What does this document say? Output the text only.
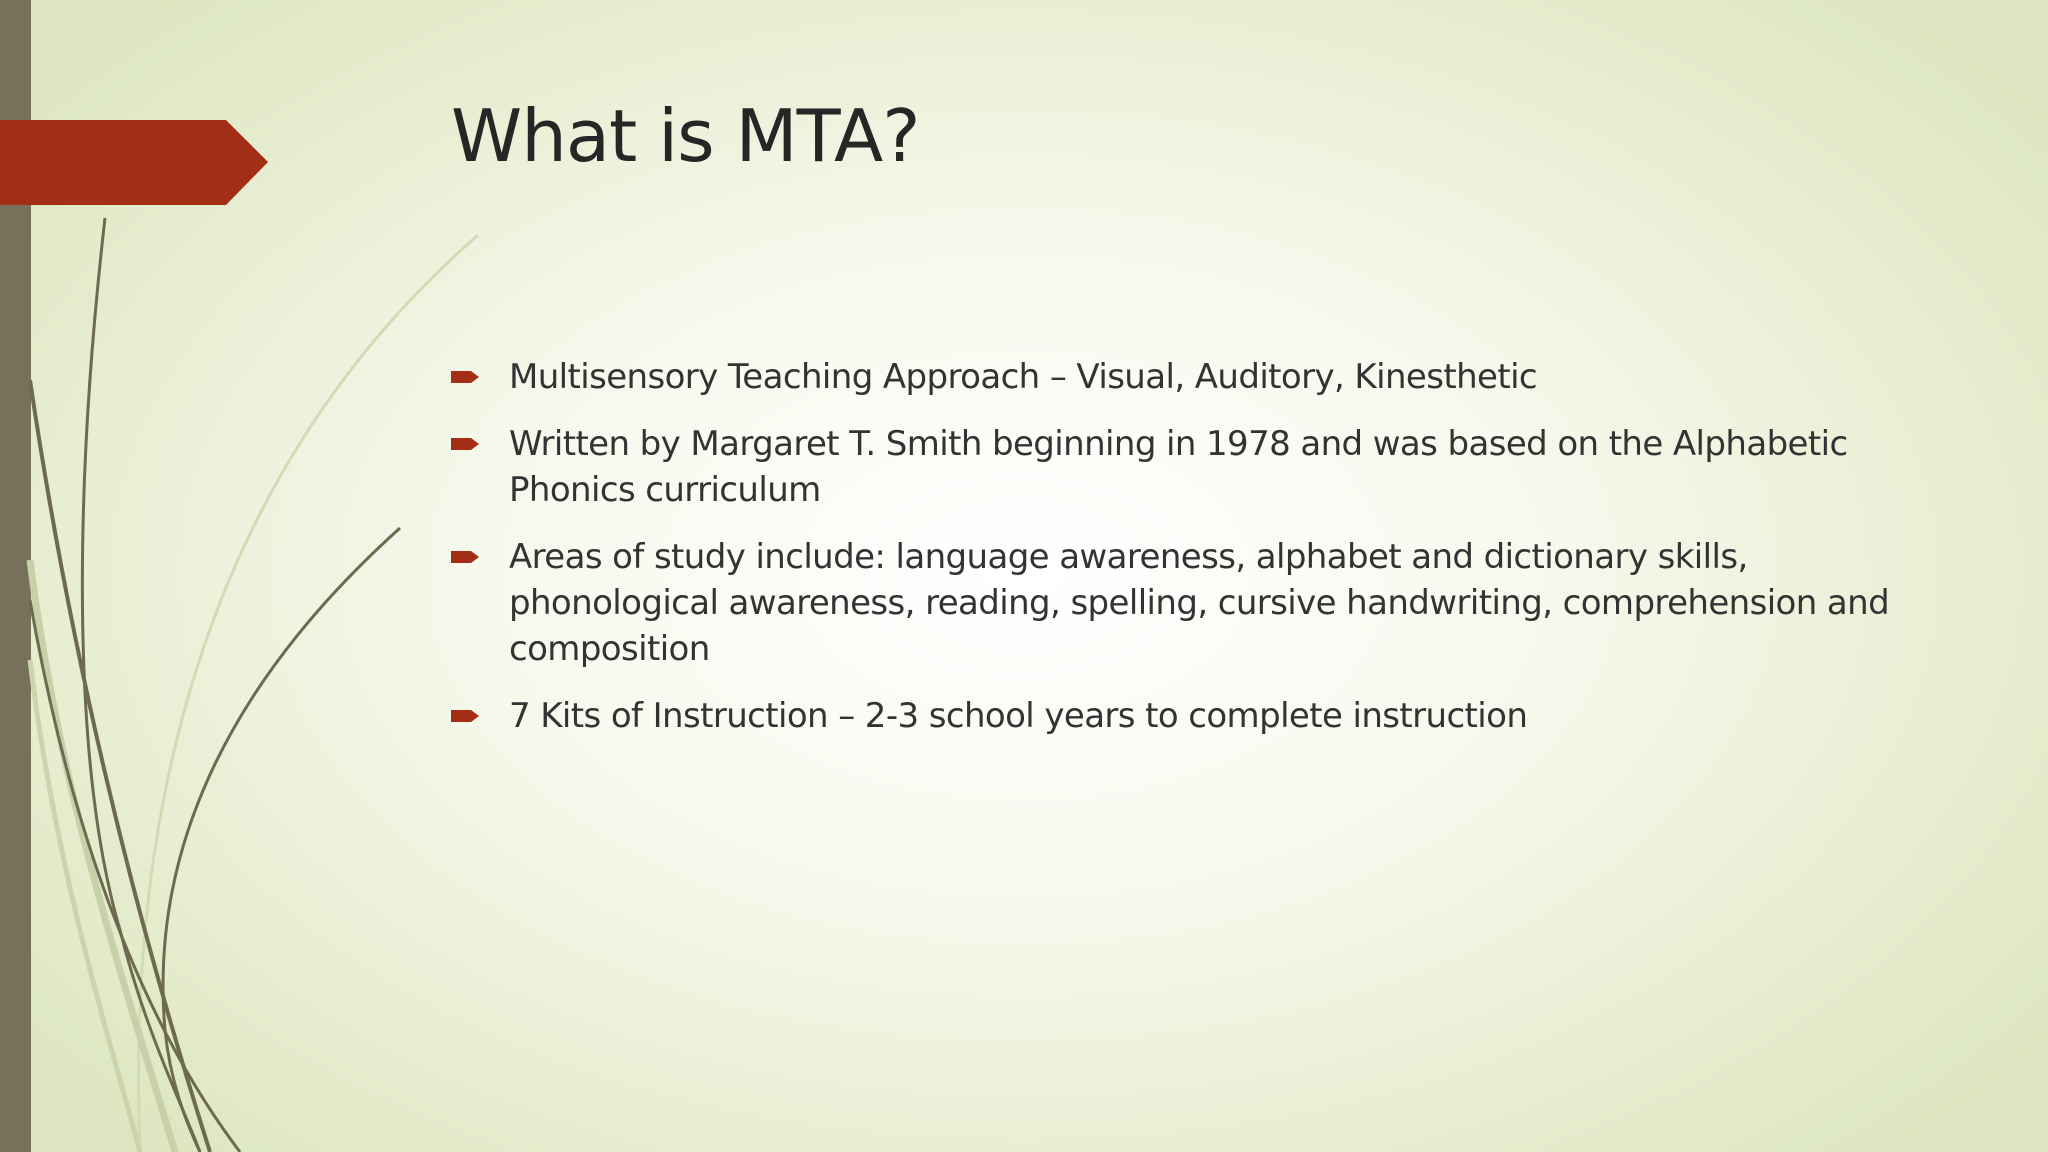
What is MTA?
Multisensory Teaching Approach – Visual, Auditory, Kinesthetic
Written by Margaret T. Smith beginning in 1978 and was based on the Alphabetic Phonics curriculum
Areas of study include: language awareness, alphabet and dictionary skills, phonological awareness, reading, spelling, cursive handwriting, comprehension and composition
7 Kits of Instruction – 2-3 school years to complete instruction
